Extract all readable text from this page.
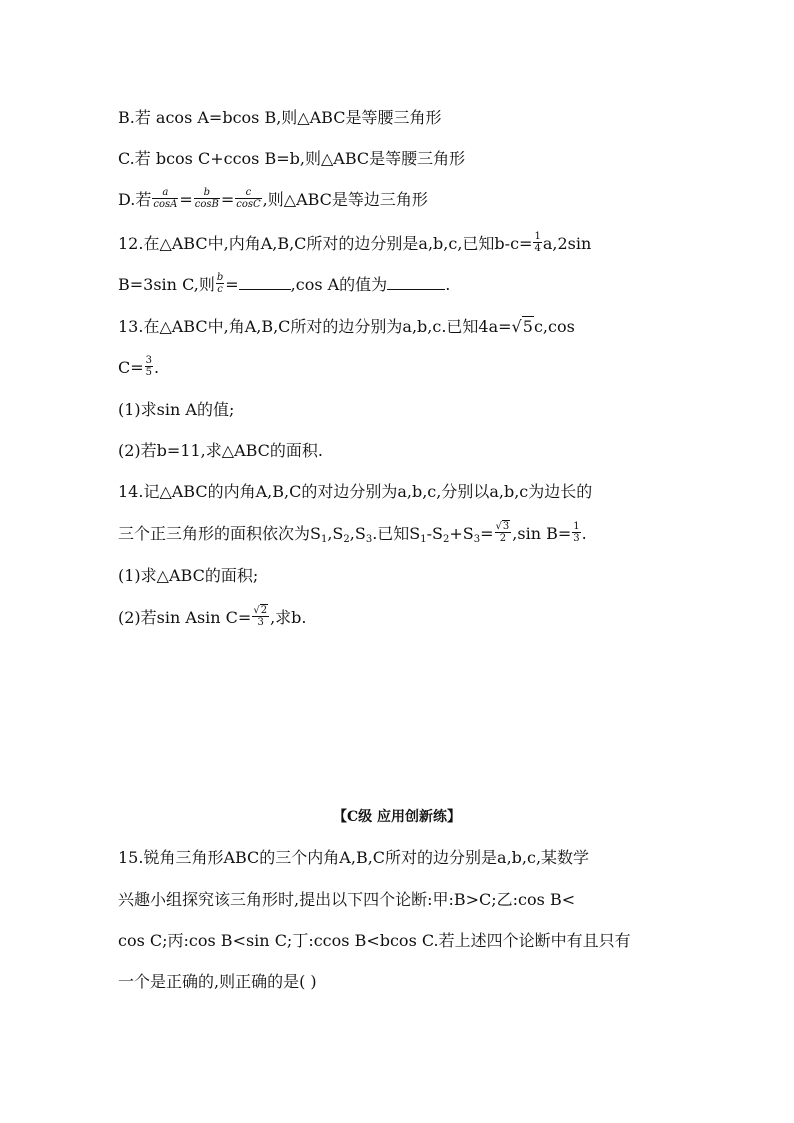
B.若 acos A=bcos B,则△ABC是等腰三角形
C.若 bcos C+ccos B=b,则△ABC是等腰三角形
D.若 $\frac{a}{\cos A} = \frac{b}{\cos B} = \frac{c}{\cos C}$ ,则△ABC是等边三角形
12.在△ABC中,内角A,B,C所对的边分别是a,b,c,已知$b-c= \frac{1}{4} a,2\sin$
B=3sin C,则 $\frac{b}{c}$ =	,cos A的值为	.
13.在△ABC中,角A,B,C所对的边分别为a,b,c.已知4a=√5c,cos
$C= \frac{3}{5}$ .
(1)求sin A的值;
(2)若b=11,求△ABC的面积.
14.记△ABC的内角A,B,C的对边分别为a,b,c,分别以a,b,c为边长的
三个正三角形的面积依次为$S_1,S_2,S_3$.已知$S_1-S_2+S_3= \frac{√3}{2} ,\sin$ $B= \frac{1}{3}$ .
(1)求△ABC的面积;
(2)若sin Asin $C= \frac{√2}{3}$ ,求b.
【C级 应用创新练】
15.锐角三角形ABC的三个内角A,B,C所对的边分别是a,b,c,某数学
兴趣小组探究该三角形时,提出以下四个论断:甲:B>C;乙:cos B<
cos C;丙:cos B<sin C;丁:ccos B<bcos C.若上述四个论断中有且只有
一个是正确的,则正确的是( )
